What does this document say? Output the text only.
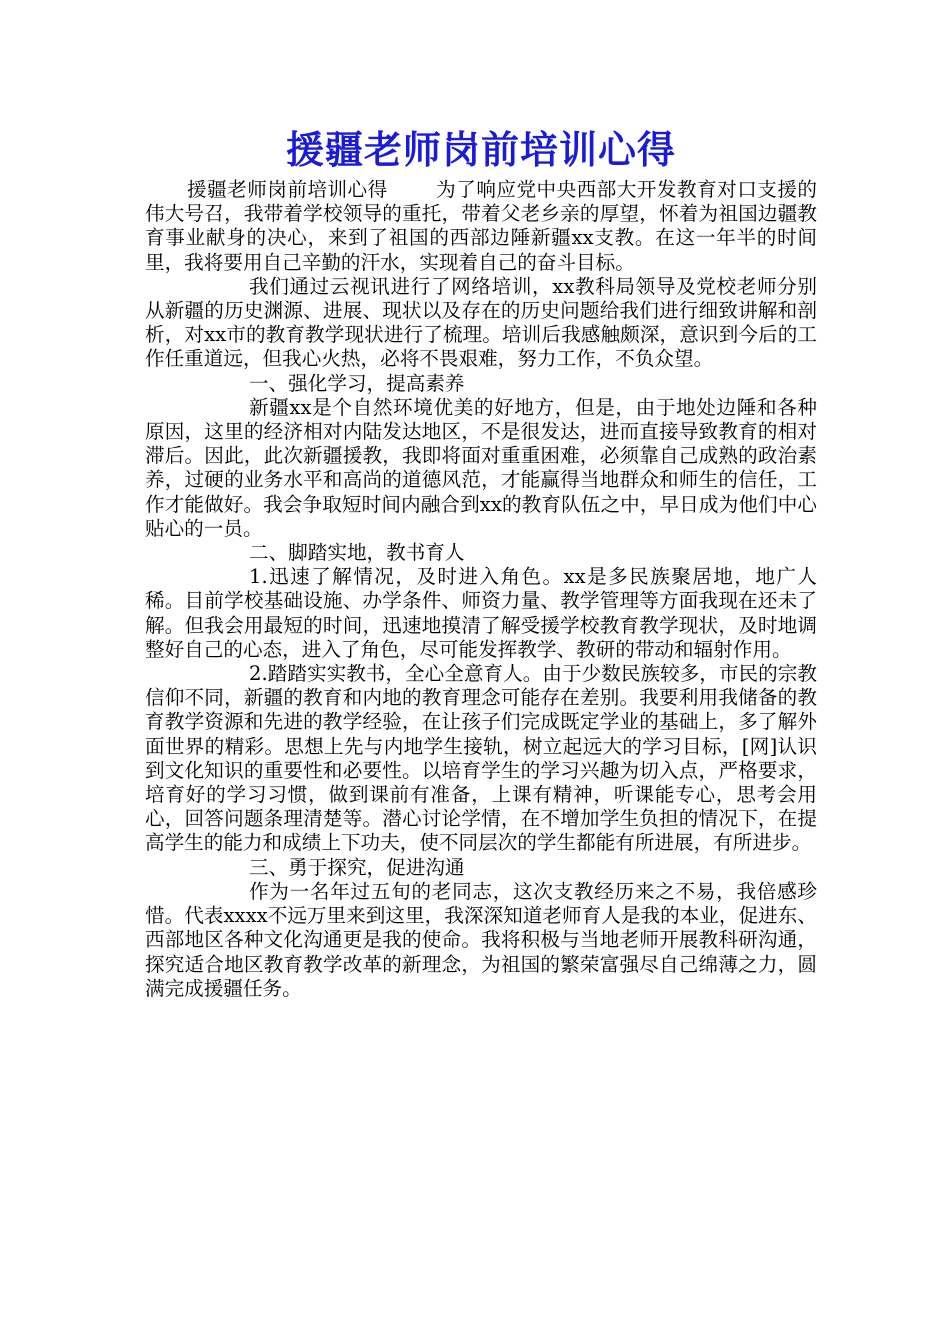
援疆老师岗前培训心得

援疆老师岗前培训心得 为了响应党中央西部大开发教育对口支援的伟大号召，我带着学校领导的重托，带着父老乡亲的厚望，怀着为祖国边疆教育事业献身的决心，来到了祖国的西部边陲新疆xx支教。在这一年半的时间里，我将要用自己辛勤的汗水，实现着自己的奋斗目标。

我们通过云视讯进行了网络培训，xx教科局领导及党校老师分别从新疆的历史渊源、进展、现状以及存在的历史问题给我们进行细致讲解和剖析，对xx市的教育教学现状进行了梳理。培训后我感触颇深，意识到今后的工作任重道远，但我心火热，必将不畏艰难，努力工作，不负众望。

一、强化学习，提高素养

新疆xx是个自然环境优美的好地方，但是，由于地处边陲和各种原因，这里的经济相对内陆发达地区，不是很发达，进而直接导致教育的相对滞后。因此，此次新疆援教，我即将面对重重困难，必须靠自己成熟的政治素养，过硬的业务水平和高尚的道德风范，才能赢得当地群众和师生的信任，工作才能做好。我会争取短时间内融合到xx的教育队伍之中，早日成为他们中心贴心的一员。

二、脚踏实地，教书育人

1.迅速了解情况，及时进入角色。xx是多民族聚居地，地广人稀。目前学校基础设施、办学条件、师资力量、教学管理等方面我现在还未了解。但我会用最短的时间，迅速地摸清了解受援学校教育教学现状，及时地调整好自己的心态，进入了角色，尽可能发挥教学、教研的带动和辐射作用。

2.踏踏实实教书，全心全意育人。由于少数民族较多，市民的宗教信仰不同，新疆的教育和内地的教育理念可能存在差别。我要利用我储备的教育教学资源和先进的教学经验，在让孩子们完成既定学业的基础上，多了解外面世界的精彩。思想上先与内地学生接轨，树立起远大的学习目标，[网]认识到文化知识的重要性和必要性。以培育学生的学习兴趣为切入点，严格要求，培育好的学习习惯，做到课前有准备，上课有精神，听课能专心，思考会用心，回答问题条理清楚等。潜心讨论学情，在不增加学生负担的情况下，在提高学生的能力和成绩上下功夫，使不同层次的学生都能有所进展，有所进步。

三、勇于探究，促进沟通

作为一名年过五旬的老同志，这次支教经历来之不易，我倍感珍惜。代表xxxx不远万里来到这里，我深深知道老师育人是我的本业，促进东、西部地区各种文化沟通更是我的使命。我将积极与当地老师开展教科研沟通，探究适合地区教育教学改革的新理念，为祖国的繁荣富强尽自己绵薄之力，圆满完成援疆任务。
